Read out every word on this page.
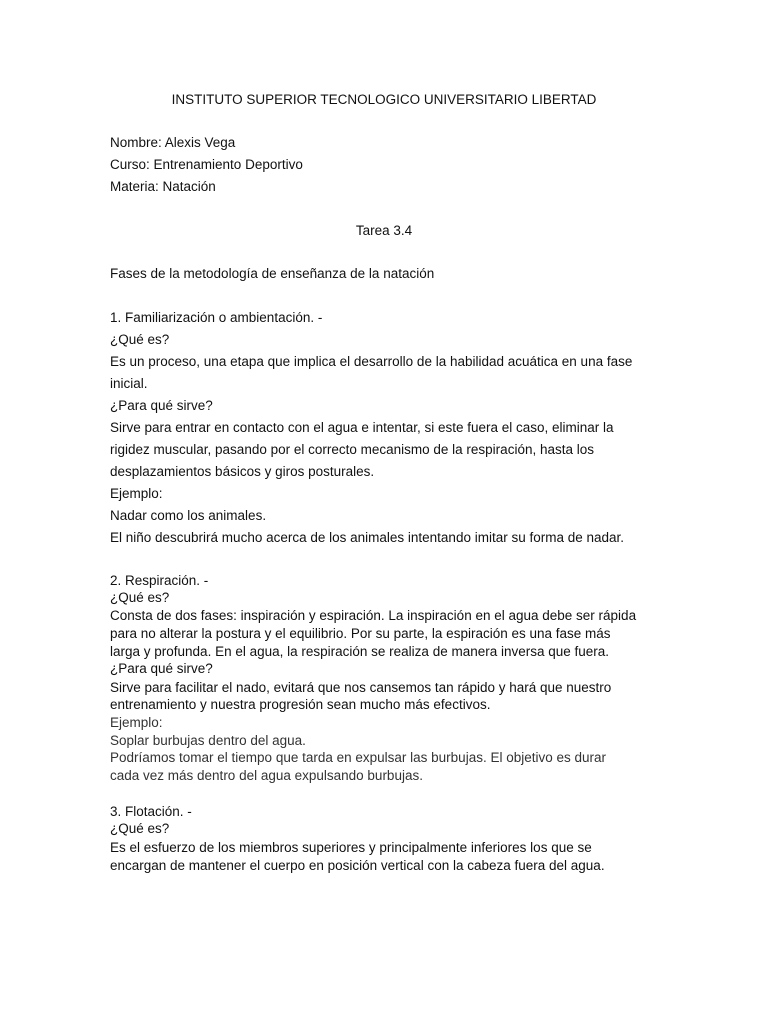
INSTITUTO SUPERIOR TECNOLOGICO UNIVERSITARIO LIBERTAD
Nombre: Alexis Vega
Curso: Entrenamiento Deportivo
Materia: Natación
Tarea 3.4
Fases de la metodología de enseñanza de la natación
1. Familiarización o ambientación. -
¿Qué es?
Es un proceso, una etapa que implica el desarrollo de la habilidad acuática en una fase
inicial.
¿Para qué sirve?
Sirve para entrar en contacto con el agua e intentar, si este fuera el caso, eliminar la
rigidez muscular, pasando por el correcto mecanismo de la respiración, hasta los
desplazamientos básicos y giros posturales.
Ejemplo:
Nadar como los animales.
El niño descubrirá mucho acerca de los animales intentando imitar su forma de nadar.
2. Respiración. -
¿Qué es?
Consta de dos fases: inspiración y espiración. La inspiración en el agua debe ser rápida
para no alterar la postura y el equilibrio. Por su parte, la espiración es una fase más
larga y profunda. En el agua, la respiración se realiza de manera inversa que fuera.
¿Para qué sirve?
Sirve para facilitar el nado, evitará que nos cansemos tan rápido y hará que nuestro
entrenamiento y nuestra progresión sean mucho más efectivos.
Ejemplo:
Soplar burbujas dentro del agua.
Podríamos tomar el tiempo que tarda en expulsar las burbujas. El objetivo es durar
cada vez más dentro del agua expulsando burbujas.
3. Flotación. -
¿Qué es?
Es el esfuerzo de los miembros superiores y principalmente inferiores los que se
encargan de mantener el cuerpo en posición vertical con la cabeza fuera del agua.
